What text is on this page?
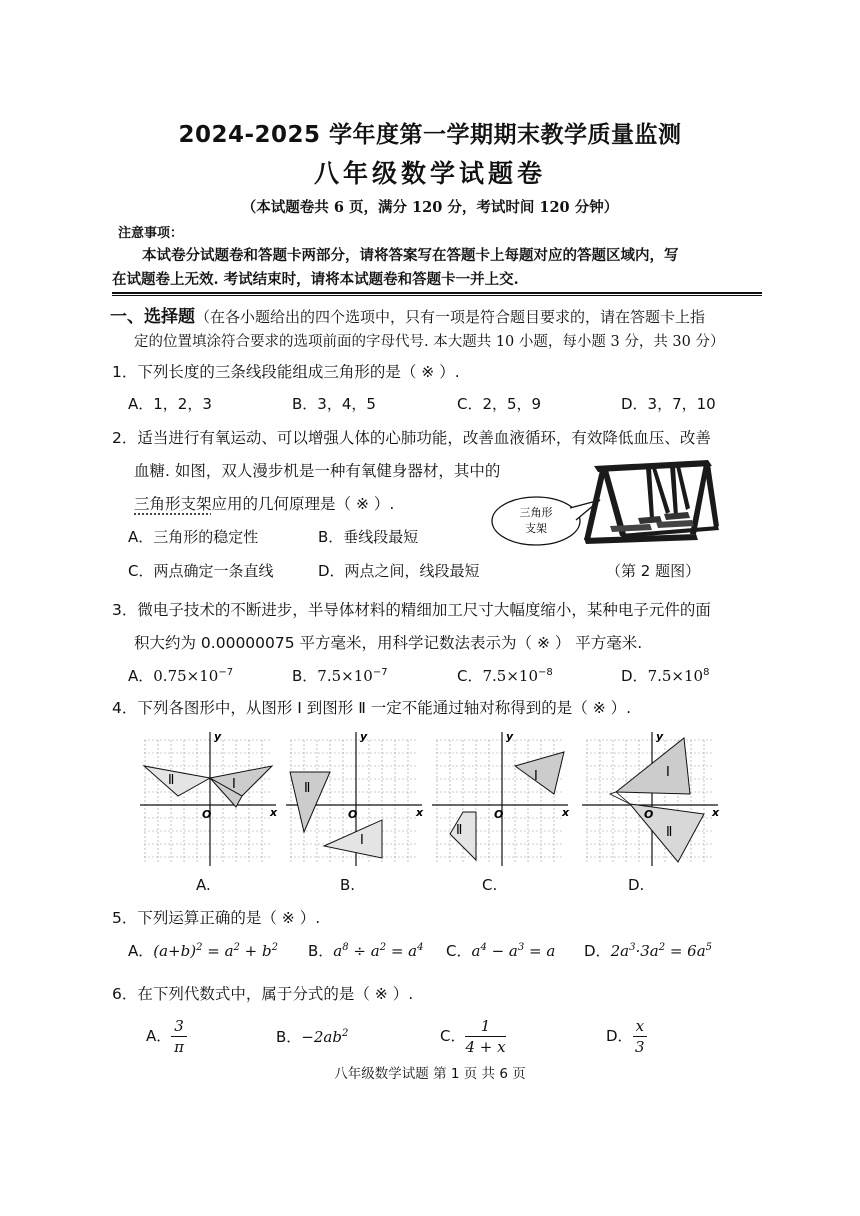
2024-2025 学年度第一学期期末教学质量监测
八年级数学试题卷
（本试题卷共 6 页，满分 120 分，考试时间 120 分钟）
注意事项：
本试卷分试题卷和答题卡两部分，请将答案写在答题卡上每题对应的答题区域内，写
在试题卷上无效. 考试结束时，请将本试题卷和答题卡一并上交.
一、选择题（在各小题给出的四个选项中，只有一项是符合题目要求的，请在答题卡上指
定的位置填涂符合要求的选项前面的字母代号. 本大题共 10 小题，每小题 3 分，共 30 分）
1．下列长度的三条线段能组成三角形的是（ ※ ）.
A．1，2，3	B．3，4，5	C．2，5，9	D．3，7，10
2．适当进行有氧运动、可以增强人体的心肺功能，改善血液循环，有效降低血压、改善
血糖. 如图，双人漫步机是一种有氧健身器材，其中的
三角形支架应用的几何原理是（ ※ ）.
A．三角形的稳定性	B．垂线段最短
C．两点确定一条直线	D．两点之间，线段最短
三角形
支架
（第 2 题图）
3．微电子技术的不断进步，半导体材料的精细加工尺寸大幅度缩小，某种电子元件的面
积大约为 0.00000075 平方毫米，用科学记数法表示为（ ※ ） 平方毫米.
A．$0.75\times 10^{-7}$	B．$7.5\times 10^{-7}$	C．$7.5\times 10^{-8}$	D．$7.5\times 10^8$
4．下列各图形中，从图形 Ⅰ 到图形 Ⅱ 一定不能通过轴对称得到的是（ ※ ）.
Ⅰ
Ⅱ
O
y
x
A.
Ⅱ
Ⅰ
O
y
x
B.
Ⅰ
Ⅱ
O
y
x
C.
Ⅰ
Ⅱ
O
y
x
D.
5．下列运算正确的是（ ※ ）.
A．$(a+b)^2 = a^2 + b^2$ B．$a^8 \div a^2 = a^4$ C．$a^4 - a^3 = a$ D．$2a^3\cdot 3a^2 = 6a^5$
6．在下列代数式中，属于分式的是（ ※ ）.
A． $\frac{3}{\pi}$	B．$-2ab^2$	C． $\frac{1}{4 + x}$	D． $\frac{x}{3}$
八年级数学试题 第 1 页 共 6 页
